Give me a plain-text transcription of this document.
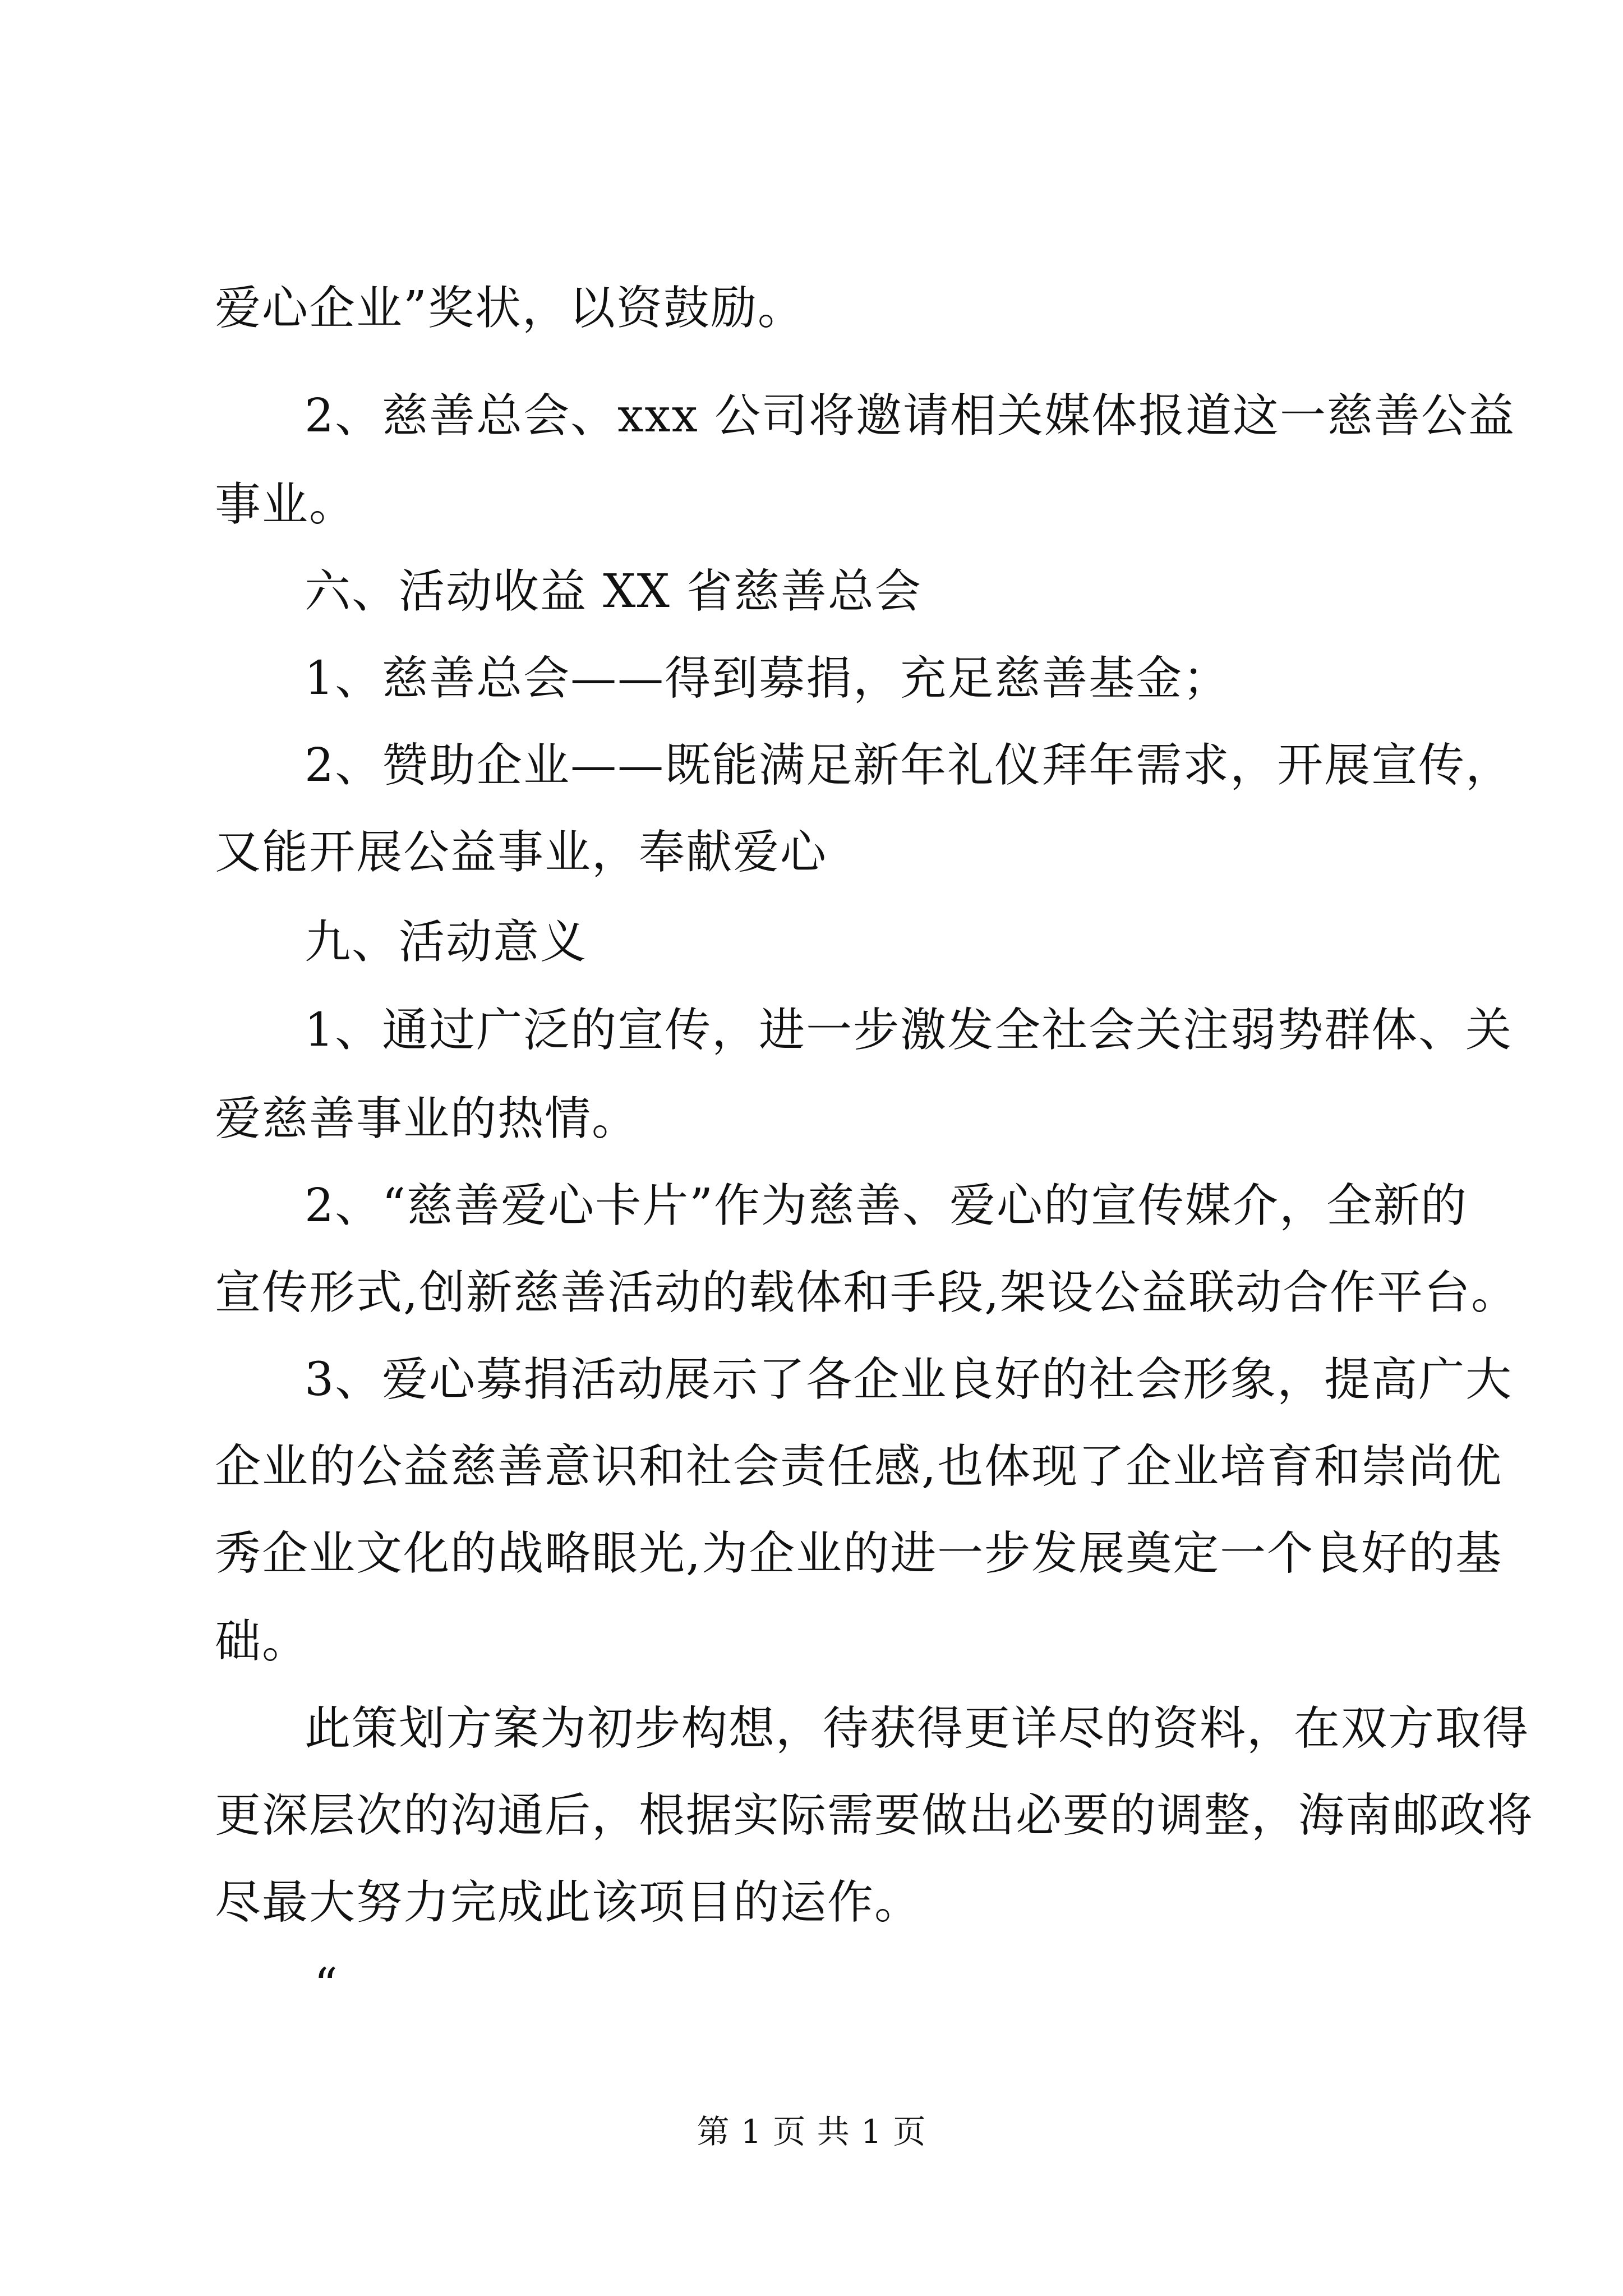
爱心企业”奖状，以资鼓励。
2、慈善总会、xxx 公司将邀请相关媒体报道这一慈善公益
事业。
六、活动收益 XX 省慈善总会
1、慈善总会——得到募捐，充足慈善基金；
2、赞助企业——既能满足新年礼仪拜年需求，开展宣传，
又能开展公益事业，奉献爱心
九、活动意义
1、通过广泛的宣传，进一步激发全社会关注弱势群体、关
爱慈善事业的热情。
2、“慈善爱心卡片”作为慈善、爱心的宣传媒介，全新的
宣传形式,创新慈善活动的载体和手段,架设公益联动合作平台。
3、爱心募捐活动展示了各企业良好的社会形象，提高广大
企业的公益慈善意识和社会责任感,也体现了企业培育和崇尚优
秀企业文化的战略眼光,为企业的进一步发展奠定一个良好的基
础。
此策划方案为初步构想，待获得更详尽的资料，在双方取得
更深层次的沟通后，根据实际需要做出必要的调整，海南邮政将
尽最大努力完成此该项目的运作。
“
第 1 页 共 1 页
